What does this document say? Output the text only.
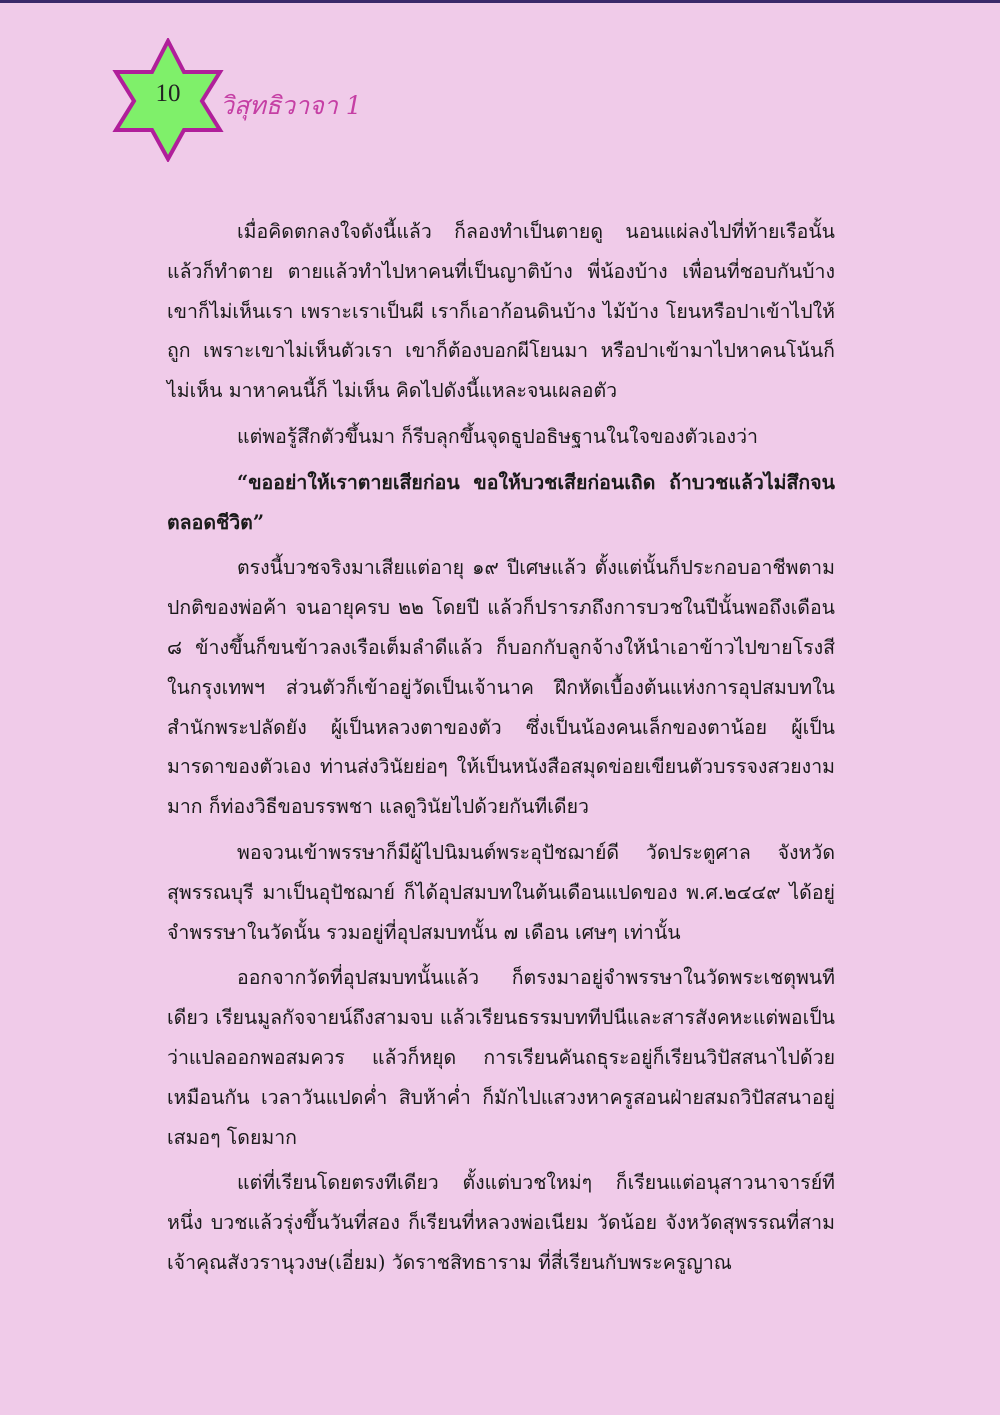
10	วิสุทธิวาจา 1

เมื่อคิดตกลงใจดังนี้แล้ว ก็ลองทำเป็นตายดู นอนแผ่ลงไปที่ท้ายเรือนั้น แล้วก็ทำตาย ตายแล้วทำไปหาคนที่เป็นญาติบ้าง พี่น้องบ้าง เพื่อนที่ชอบกันบ้าง เขาก็ไม่เห็นเรา เพราะเราเป็นผี เราก็เอาก้อนดินบ้าง ไม้บ้าง โยนหรือปาเข้าไปให้ถูก เพราะเขาไม่เห็นตัวเรา เขาก็ต้องบอกผีโยนมา หรือปาเข้ามาไปหาคนโน้นก็ไม่เห็น มาหาคนนี้ก็ ไม่เห็น คิดไปดังนี้แหละจนเผลอตัว

แต่พอรู้สึกตัวขึ้นมา ก็รีบลุกขึ้นจุดธูปอธิษฐานในใจของตัวเองว่า

“ขออย่าให้เราตายเสียก่อน ขอให้บวชเสียก่อนเถิด ถ้าบวชแล้วไม่สึกจนตลอดชีวิต”

ตรงนี้บวชจริงมาเสียแต่อายุ ๑๙ ปีเศษแล้ว ตั้งแต่นั้นก็ประกอบอาชีพตามปกติของพ่อค้า จนอายุครบ ๒๒ โดยปี แล้วก็ปรารภถึงการบวชในปีนั้นพอถึงเดือน ๘ ข้างขึ้นก็ขนข้าวลงเรือเต็มลำดีแล้ว ก็บอกกับลูกจ้างให้นำเอาข้าวไปขายโรงสีในกรุงเทพฯ ส่วนตัวก็เข้าอยู่วัดเป็นเจ้านาค ฝึกหัดเบื้องต้นแห่งการอุปสมบทในสำนักพระปลัดยัง ผู้เป็นหลวงตาของตัว ซึ่งเป็นน้องคนเล็กของตาน้อย ผู้เป็นมารดาของตัวเอง ท่านส่งวินัยย่อๆ ให้เป็นหนังสือสมุดข่อยเขียนตัวบรรจงสวยงามมาก ก็ท่องวิธีขอบรรพชา แลดูวินัยไปด้วยกันทีเดียว

พอจวนเข้าพรรษาก็มีผู้ไปนิมนต์พระอุปัชฌาย์ดี วัดประตูศาล จังหวัดสุพรรณบุรี มาเป็นอุปัชฌาย์ ก็ได้อุปสมบทในต้นเดือนแปดของ พ.ศ.๒๔๔๙ ได้อยู่จำพรรษาในวัดนั้น รวมอยู่ที่อุปสมบทนั้น ๗ เดือน เศษๆ เท่านั้น

ออกจากวัดที่อุปสมบทนั้นแล้ว ก็ตรงมาอยู่จำพรรษาในวัดพระเชตุพนทีเดียว เรียนมูลกัจจายน์ถึงสามจบ แล้วเรียนธรรมบททีปนีและสารสังคหะแต่พอเป็นว่าแปลออกพอสมควร แล้วก็หยุด การเรียนคันถธุระอยู่ก็เรียนวิปัสสนาไปด้วยเหมือนกัน เวลาวันแปดค่ำ สิบห้าค่ำ ก็มักไปแสวงหาครูสอนฝ่ายสมถวิปัสสนาอยู่เสมอๆ โดยมาก

แต่ที่เรียนโดยตรงทีเดียว ตั้งแต่บวชใหม่ๆ ก็เรียนแต่อนุสาวนาจารย์ทีหนึ่ง บวชแล้วรุ่งขึ้นวันที่สอง ก็เรียนที่หลวงพ่อเนียม วัดน้อย จังหวัดสุพรรณที่สามเจ้าคุณสังวรานุวงษ(เอี่ยม) วัดราชสิทธาราม ที่สี่เรียนกับพระครูญาณ
